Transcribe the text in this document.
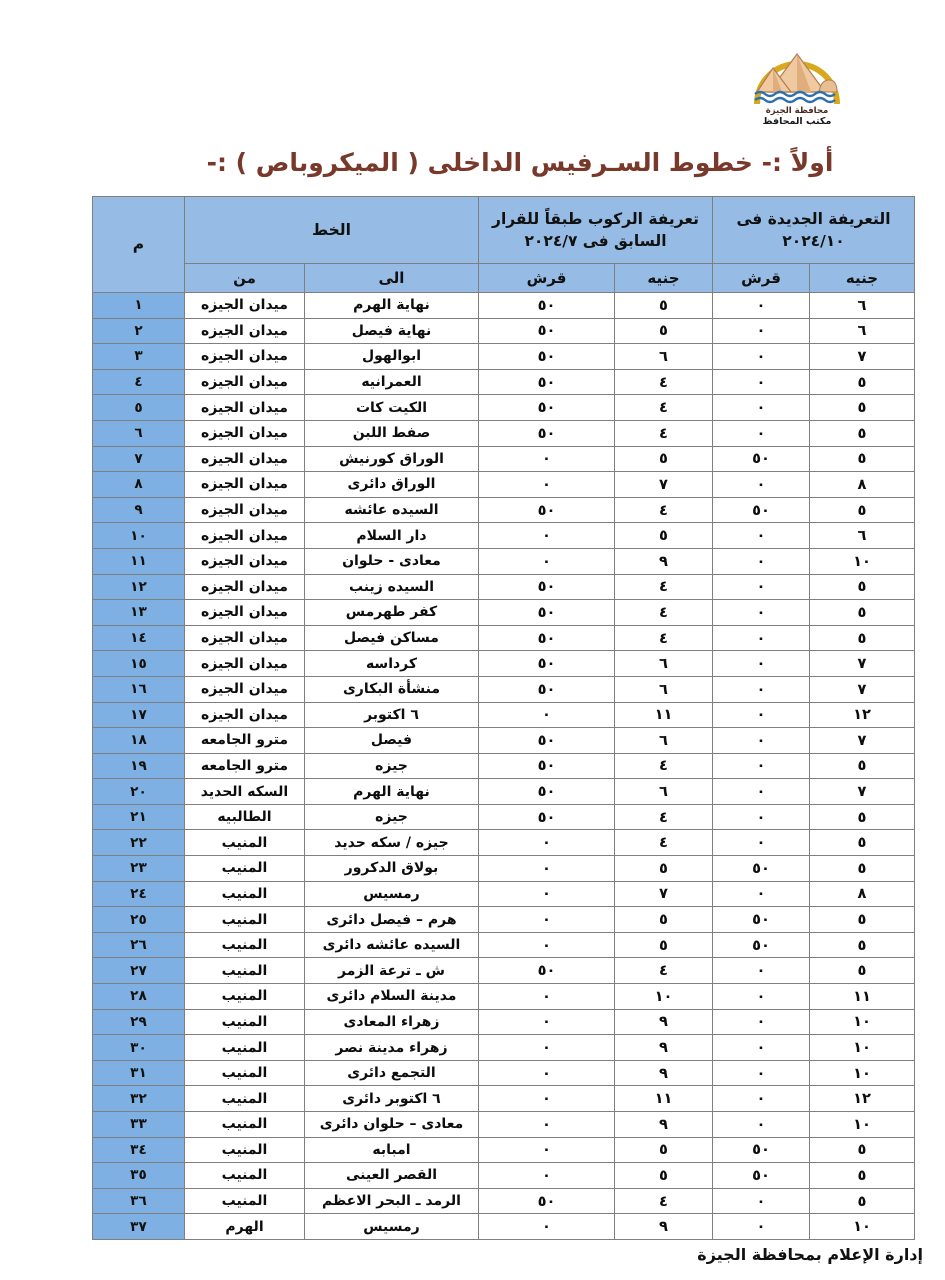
محافظة الجيزة
مكتب المحافظ
أولاً :- خطوط السـرفيس الداخلى ( الميكروباص ) :-
التعريفة الجديدة فى ٢٠٢٤/١٠		تعريفة الركوب طبقاً للقرار السابق فى ٢٠٢٤/٧		الخط		م
جنيه	قرش	جنيه	قرش	الى	من	
٦	٠	٥	٥٠	نهاية الهرم	ميدان الجيزه	١
٦	٠	٥	٥٠	نهاية فيصل	ميدان الجيزه	٢
٧	٠	٦	٥٠	ابوالهول	ميدان الجيزه	٣
٥	٠	٤	٥٠	العمرانيه	ميدان الجيزه	٤
٥	٠	٤	٥٠	الكيت كات	ميدان الجيزه	٥
٥	٠	٤	٥٠	صفط اللبن	ميدان الجيزه	٦
٥	٥٠	٥	٠	الوراق كورنيش	ميدان الجيزه	٧
٨	٠	٧	٠	الوراق دائرى	ميدان الجيزه	٨
٥	٥٠	٤	٥٠	السيده عائشه	ميدان الجيزه	٩
٦	٠	٥	٠	دار السلام	ميدان الجيزه	١٠
١٠	٠	٩	٠	معادى - حلوان	ميدان الجيزه	١١
٥	٠	٤	٥٠	السيده زينب	ميدان الجيزه	١٢
٥	٠	٤	٥٠	كفر طهرمس	ميدان الجيزه	١٣
٥	٠	٤	٥٠	مساكن فيصل	ميدان الجيزه	١٤
٧	٠	٦	٥٠	كرداسه	ميدان الجيزه	١٥
٧	٠	٦	٥٠	منشأة البكارى	ميدان الجيزه	١٦
١٢	٠	١١	٠	٦ اكتوبر	ميدان الجيزه	١٧
٧	٠	٦	٥٠	فيصل	مترو الجامعه	١٨
٥	٠	٤	٥٠	جيزه	مترو الجامعه	١٩
٧	٠	٦	٥٠	نهاية الهرم	السكه الحديد	٢٠
٥	٠	٤	٥٠	جيزه	الطالبيه	٢١
٥	٠	٤	٠	جيزه / سكه حديد	المنيب	٢٢
٥	٥٠	٥	٠	بولاق الدكرور	المنيب	٢٣
٨	٠	٧	٠	رمسيس	المنيب	٢٤
٥	٥٠	٥	٠	هرم – فيصل دائرى	المنيب	٢٥
٥	٥٠	٥	٠	السيده عائشه دائرى	المنيب	٢٦
٥	٠	٤	٥٠	ش ـ ترعة الزمر	المنيب	٢٧
١١	٠	١٠	٠	مدينة السلام دائرى	المنيب	٢٨
١٠	٠	٩	٠	زهراء المعادى	المنيب	٢٩
١٠	٠	٩	٠	زهراء مدينة نصر	المنيب	٣٠
١٠	٠	٩	٠	التجمع دائرى	المنيب	٣١
١٢	٠	١١	٠	٦ اكتوبر دائرى	المنيب	٣٢
١٠	٠	٩	٠	معادى – حلوان دائرى	المنيب	٣٣
٥	٥٠	٥	٠	امبابه	المنيب	٣٤
٥	٥٠	٥	٠	القصر العينى	المنيب	٣٥
٥	٠	٤	٥٠	الرمد ـ البحر الاعظم	المنيب	٣٦
١٠	٠	٩	٠	رمسيس	الهرم	٣٧
إدارة الإعلام بمحافظة الجيزة
